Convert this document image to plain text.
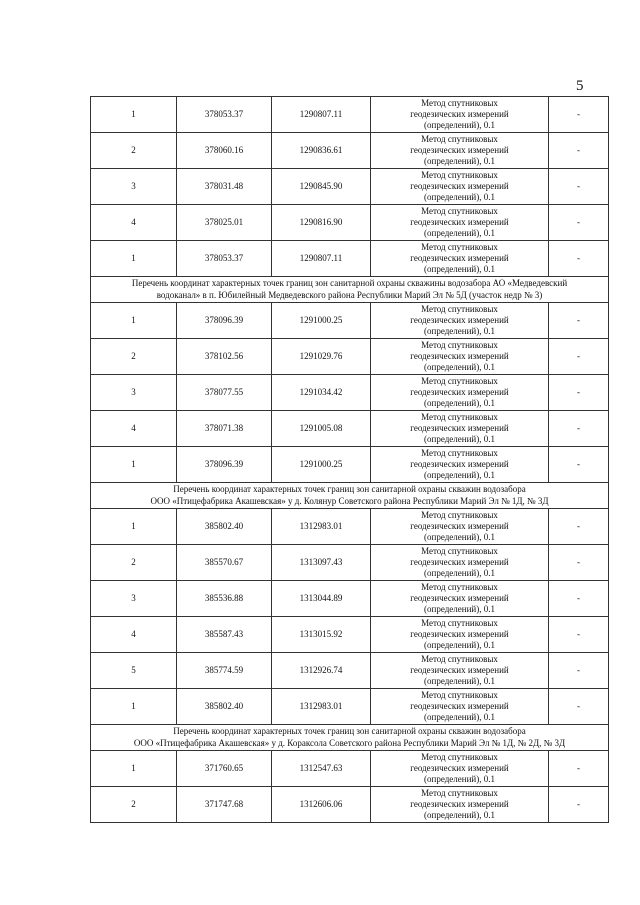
5
1	378053.37	1290807.11	Метод спутниковых
геодезических измерений
(определений), 0.1	-
2	378060.16	1290836.61	Метод спутниковых
геодезических измерений
(определений), 0.1	-
3	378031.48	1290845.90	Метод спутниковых
геодезических измерений
(определений), 0.1	-
4	378025.01	1290816.90	Метод спутниковых
геодезических измерений
(определений), 0.1	-
1	378053.37	1290807.11	Метод спутниковых
геодезических измерений
(определений), 0.1	-

Перечень координат характерных точек границ зон санитарной охраны скважины водозабора АО «Медведевский
водоканал» в п. Юбилейный Медведевского района Республики Марий Эл № 5Д (участок недр № 3)				

1	378096.39	1291000.25	Метод спутниковых
геодезических измерений
(определений), 0.1	-
2	378102.56	1291029.76	Метод спутниковых
геодезических измерений
(определений), 0.1	-
3	378077.55	1291034.42	Метод спутниковых
геодезических измерений
(определений), 0.1	-
4	378071.38	1291005.08	Метод спутниковых
геодезических измерений
(определений), 0.1	-
1	378096.39	1291000.25	Метод спутниковых
геодезических измерений
(определений), 0.1	-

Перечень координат характерных точек границ зон санитарной охраны скважин водозабора
ООО «Птицефабрика Акашевская» у д. Колянур Советского района Республики Марий Эл № 1Д, № 3Д				

1	385802.40	1312983.01	Метод спутниковых
геодезических измерений
(определений), 0.1	-
2	385570.67	1313097.43	Метод спутниковых
геодезических измерений
(определений), 0.1	-
3	385536.88	1313044.89	Метод спутниковых
геодезических измерений
(определений), 0.1	-
4	385587.43	1313015.92	Метод спутниковых
геодезических измерений
(определений), 0.1	-
5	385774.59	1312926.74	Метод спутниковых
геодезических измерений
(определений), 0.1	-
1	385802.40	1312983.01	Метод спутниковых
геодезических измерений
(определений), 0.1	-

Перечень координат характерных точек границ зон санитарной охраны скважин водозабора
ООО «Птицефабрика Акашевская» у д. Кораксола Советского района Республики Марий Эл № 1Д, № 2Д, № 3Д				

1	371760.65	1312547.63	Метод спутниковых
геодезических измерений
(определений), 0.1	-
2	371747.68	1312606.06	Метод спутниковых
геодезических измерений
(определений), 0.1	-
